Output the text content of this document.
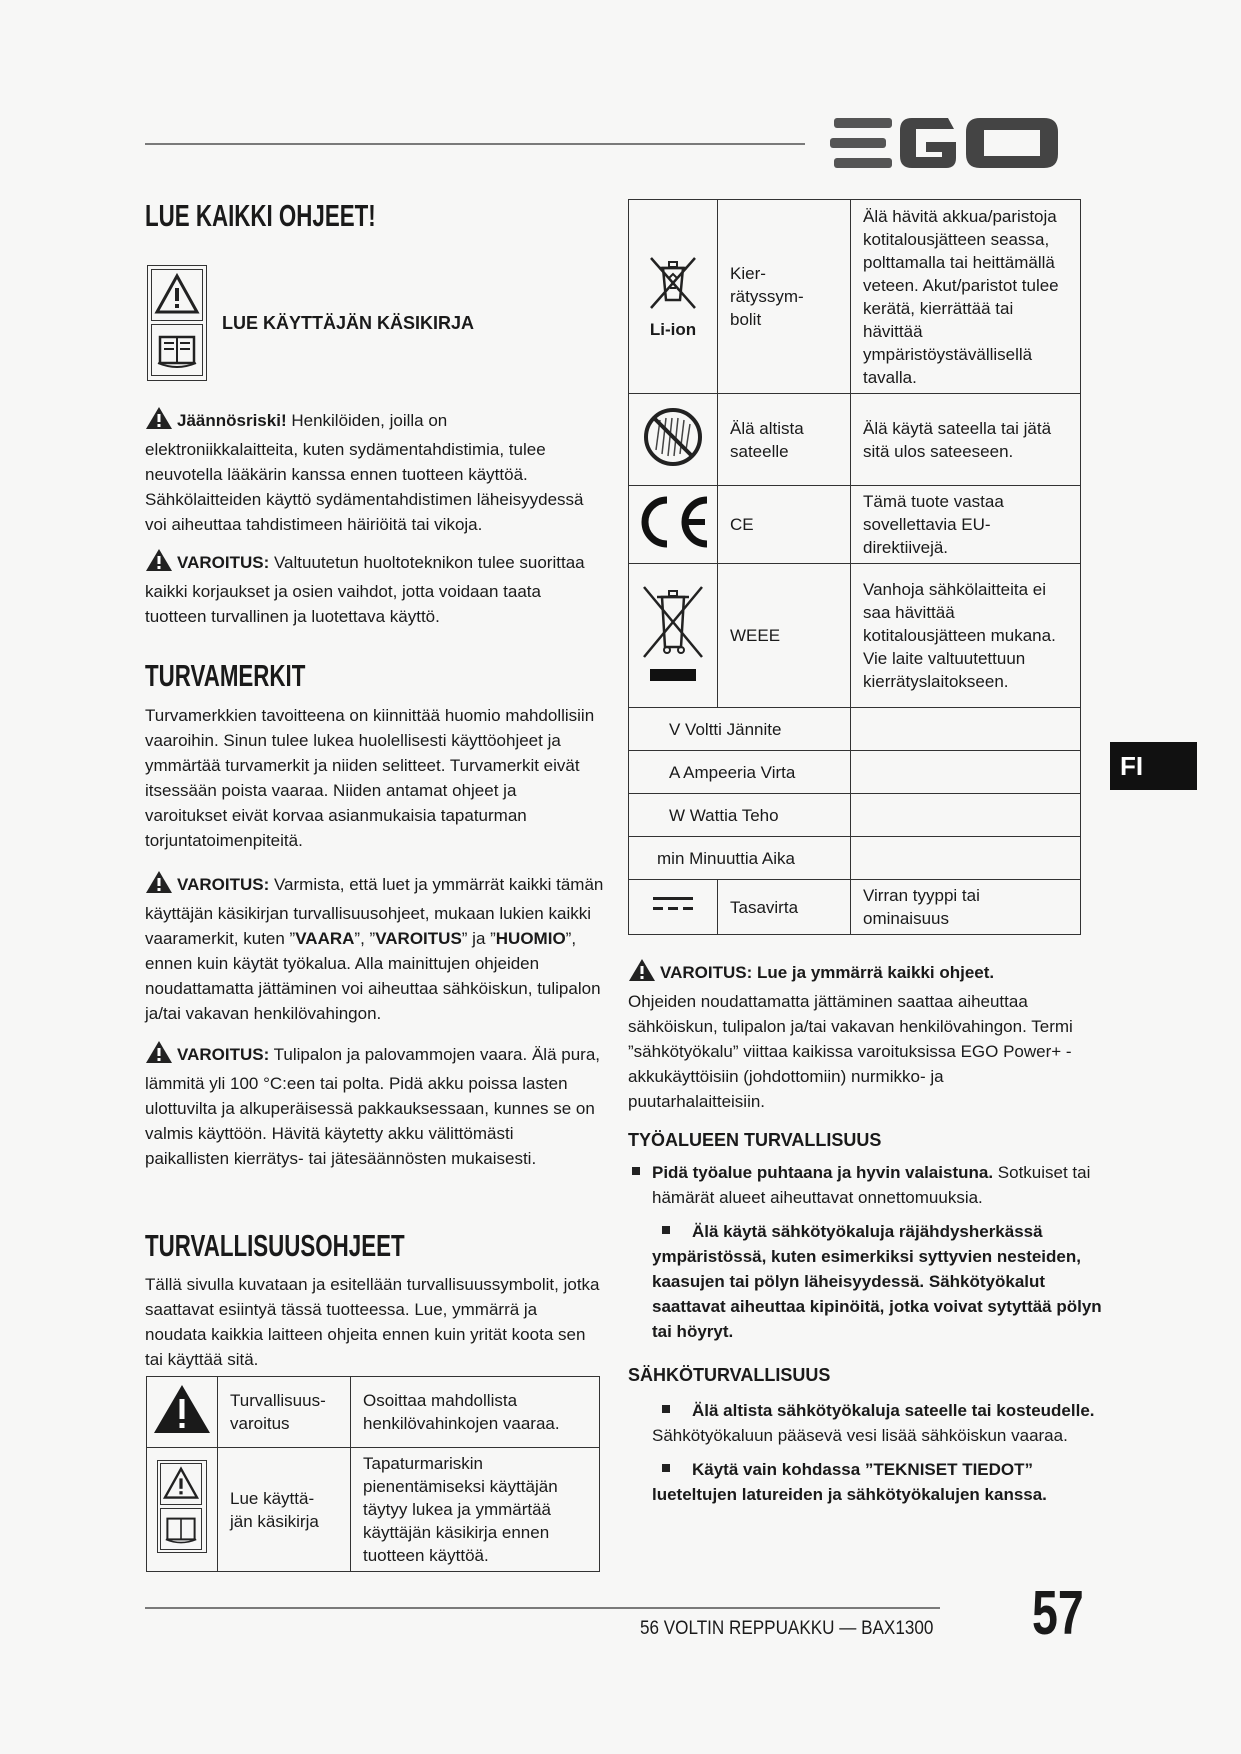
LUE KAIKKI OHJEET!
LUE KÄYTTÄJÄN KÄSIKIRJA
Jäännösriski! Henkilöiden, joilla on elektroniikkalaitteita, kuten sydämentahdistimia, tulee neuvotella lääkärin kanssa ennen tuotteen käyttöä. Sähkölaitteiden käyttö sydämentahdistimen läheisyydessä voi aiheuttaa tahdistimeen häiriöitä tai vikoja.
VAROITUS: Valtuutetun huoltoteknikon tulee suorittaa kaikki korjaukset ja osien vaihdot, jotta voidaan taata tuotteen turvallinen ja luotettava käyttö.
TURVAMERKIT
Turvamerkkien tavoitteena on kiinnittää huomio mahdollisiin vaaroihin. Sinun tulee lukea huolellisesti käyttöohjeet ja ymmärtää turvamerkit ja niiden selitteet. Turvamerkit eivät itsessään poista vaaraa. Niiden antamat ohjeet ja varoitukset eivät korvaa asianmukaisia tapaturman torjuntatoimenpiteitä.
VAROITUS: Varmista, että luet ja ymmärrät kaikki tämän käyttäjän käsikirjan turvallisuusohjeet, mukaan lukien kaikki vaaramerkit, kuten ”VAARA”, ”VAROITUS” ja ”HUOMIO”, ennen kuin käytät työkalua. Alla mainittujen ohjeiden noudattamatta jättäminen voi aiheuttaa sähköiskun, tulipalon ja/tai vakavan henkilövahingon.
VAROITUS: Tulipalon ja palovammojen vaara. Älä pura, lämmitä yli 100 °C:een tai polta. Pidä akku poissa lasten ulottuvilta ja alkuperäisessä pakkauksessaan, kunnes se on valmis käyttöön. Hävitä käytetty akku välittömästi paikallisten kierrätys- tai jätesäännösten mukaisesti.
TURVALLISUUSOHJEET
Tällä sivulla kuvataan ja esitellään turvallisuussymbolit, jotka saattavat esiintyä tässä tuotteessa. Lue, ymmärrä ja noudata kaikkia laitteen ohjeita ennen kuin yrität koota sen tai käyttää sitä.
	Turvallisuus-
varoitus	Osoittaa mahdollista henkilövahinkojen vaaraa.

	Lue käyttä-
jän käsikirja	Tapaturmariskin pienentämiseksi käyttäjän täytyy lukea ja ymmärtää käyttäjän käsikirja ennen tuotteen käyttöä.
Li-ion	Kier-
rätyssym-
bolit	Älä hävitä akkua/paristoja kotitalousjätteen seassa, polttamalla tai heittämällä veteen. Akut/paristot tulee kerätä, kierrättää tai hävittää ympäristöystävällisellä tavalla.
	Älä altista sateelle	Älä käytä sateella tai jätä sitä ulos sateeseen.
	CE	Tämä tuote vastaa sovellettavia EU-direktiivejä.
	WEEE	Vanhoja sähkölaitteita ei saa hävittää kotitalousjätteen mukana. Vie laite valtuutettuun kierrätyslaitokseen.
V Voltti Jännite		
A Ampeeria Virta		
W Wattia Teho		
min Minuuttia Aika		
	Tasavirta	Virran tyyppi tai ominaisuus
VAROITUS: Lue ja ymmärrä kaikki ohjeet.
Ohjeiden noudattamatta jättäminen saattaa aiheuttaa sähköiskun, tulipalon ja/tai vakavan henkilövahingon. Termi ”sähkötyökalu” viittaa kaikissa varoituksissa EGO Power+ -akkukäyttöisiin (johdottomiin) nurmikko- ja puutarhalaitteisiin.
TYÖALUEEN TURVALLISUUS
Pidä työalue puhtaana ja hyvin valaistuna. Sotkuiset tai hämärät alueet aiheuttavat onnettomuuksia.
Älä käytä sähkötyökaluja räjähdysherkässä ympäristössä, kuten esimerkiksi syttyvien nesteiden, kaasujen tai pölyn läheisyydessä. Sähkötyökalut saattavat aiheuttaa kipinöitä, jotka voivat sytyttää pölyn tai höyryt.
SÄHKÖTURVALLISUUS
Älä altista sähkötyökaluja sateelle tai kosteudelle.
Sähkötyökaluun pääsevä vesi lisää sähköiskun vaaraa.
Käytä vain kohdassa ”TEKNISET TIEDOT” lueteltujen latureiden ja sähkötyökalujen kanssa.
FI
56 VOLTIN REPPUAKKU — BAX1300 57
